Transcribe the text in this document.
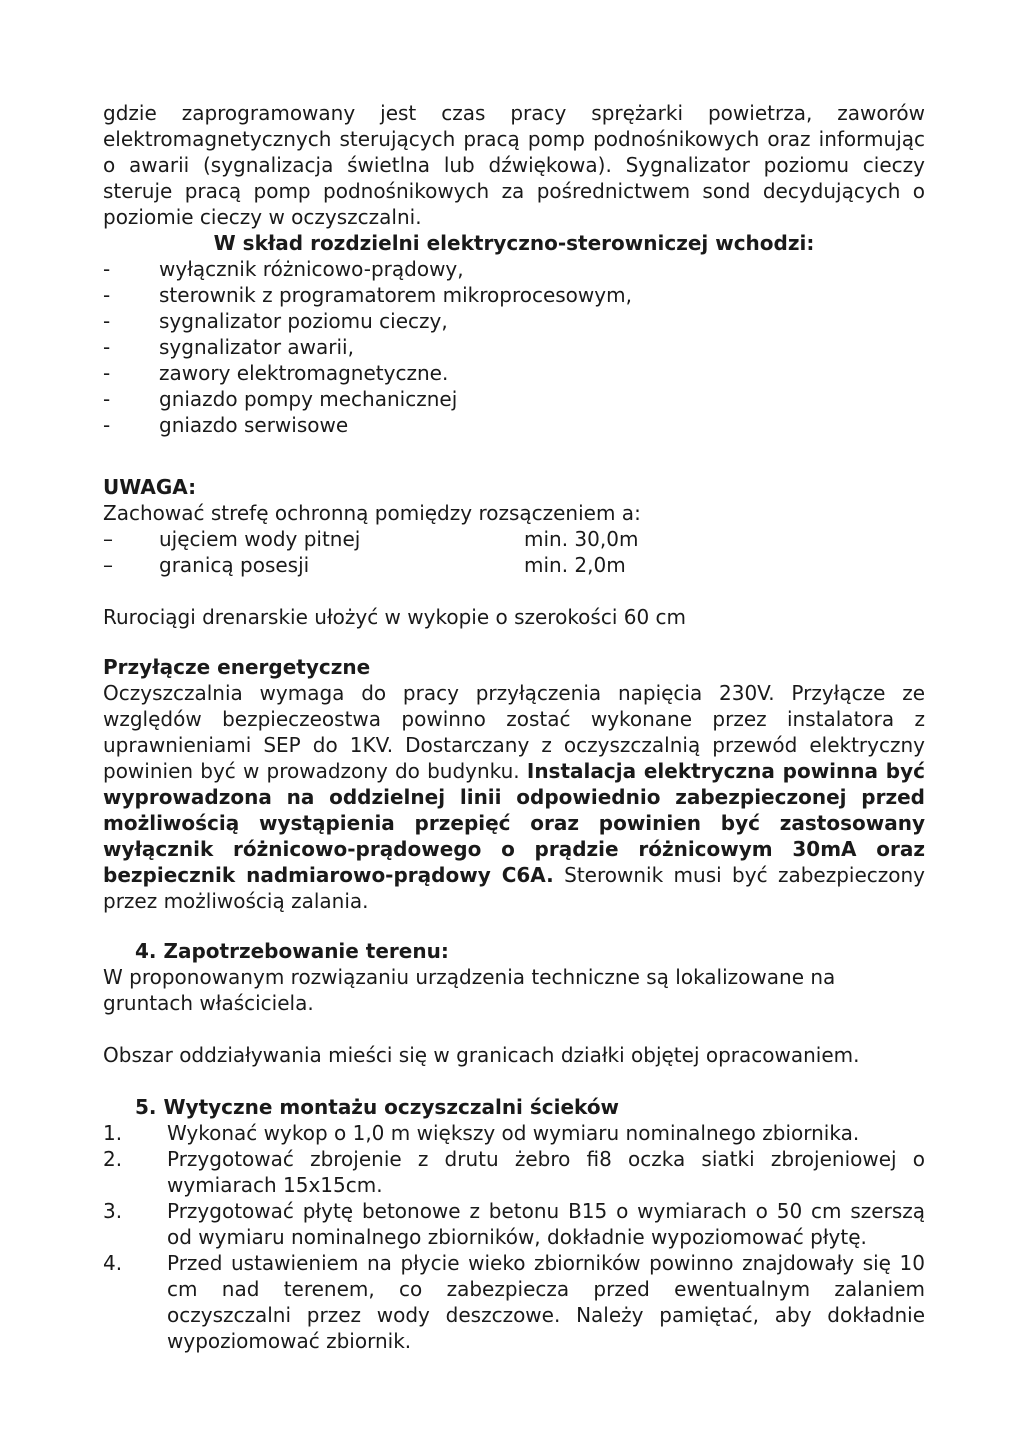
gdzie zaprogramowany jest czas pracy sprężarki powietrza, zaworów elektromagnetycznych sterujących pracą pomp podnośnikowych oraz informując o awarii (sygnalizacja świetlna lub dźwiękowa). Sygnalizator poziomu cieczy steruje pracą pomp podnośnikowych za pośrednictwem sond decydujących o poziomie cieczy w oczyszczalni.

W skład rozdzielni elektryczno-sterowniczej wchodzi:

- wyłącznik różnicowo-prądowy,
- sterownik z programatorem mikroprocesowym,
- sygnalizator poziomu cieczy,
- sygnalizator awarii,
- zawory elektromagnetyczne.
- gniazdo pompy mechanicznej
- gniazdo serwisowe

UWAGA:

Zachować strefę ochronną pomiędzy rozsączeniem a:

–	ujęciem wody pitnej	min. 30,0m
–	granicą posesji	min. 2,0m

Rurociągi drenarskie ułożyć w wykopie o szerokości 60 cm

Przyłącze energetyczne

Oczyszczalnia wymaga do pracy przyłączenia napięcia 230V. Przyłącze ze względów bezpieczeostwa powinno zostać wykonane przez instalatora z uprawnieniami SEP do 1KV. Dostarczany z oczyszczalnią przewód elektryczny powinien być w prowadzony do budynku. Instalacja elektryczna powinna być wyprowadzona na oddzielnej linii odpowiednio zabezpieczonej przed możliwością wystąpienia przepięć oraz powinien być zastosowany wyłącznik różnicowo-prądowego o prądzie różnicowym 30mA oraz bezpiecznik nadmiarowo-prądowy C6A. Sterownik musi być zabezpieczony przez możliwością zalania.

4. Zapotrzebowanie terenu:

W proponowanym rozwiązaniu urządzenia techniczne są lokalizowane na gruntach właściciela.

Obszar oddziaływania mieści się w granicach działki objętej opracowaniem.

5. Wytyczne montażu oczyszczalni ścieków

1. Wykonać wykop o 1,0 m większy od wymiaru nominalnego zbiornika.
2. Przygotować zbrojenie z drutu żebro fi8 oczka siatki zbrojeniowej o wymiarach 15x15cm.
3. Przygotować płytę betonowe z betonu B15 o wymiarach o 50 cm szerszą od wymiaru nominalnego zbiorników, dokładnie wypoziomować płytę.
4. Przed ustawieniem na płycie wieko zbiorników powinno znajdowały się 10 cm nad terenem, co zabezpiecza przed ewentualnym zalaniem oczyszczalni przez wody deszczowe. Należy pamiętać, aby dokładnie wypoziomować zbiornik.
